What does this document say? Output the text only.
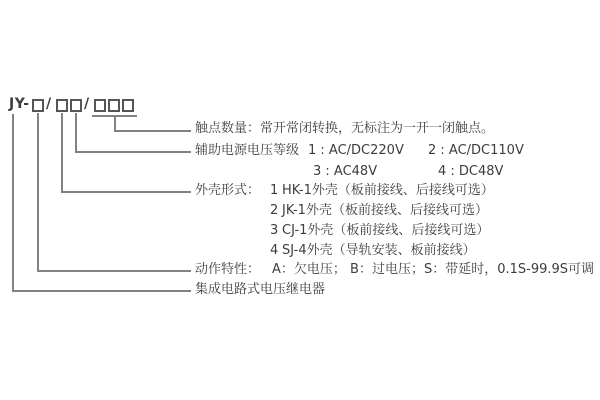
JY- / /
触点数量：常开常闭转换，无标注为一开一闭触点。
辅助电源电压等级 1 : AC/DC220V 2 : AC/DC110V
3 : AC48V	4 : DC48V
外壳形式： 1 HK-1外壳（板前接线、后接线可选）
2 JK-1外壳（板前接线、后接线可选）
3 CJ-1外壳（板前接线、后接线可选）
4 SJ-4外壳（导轨安装、板前接线）
动作特性： A：欠电压； B：过电压；S：带延时，0.1S-99.9S可调
集成电路式电压继电器
